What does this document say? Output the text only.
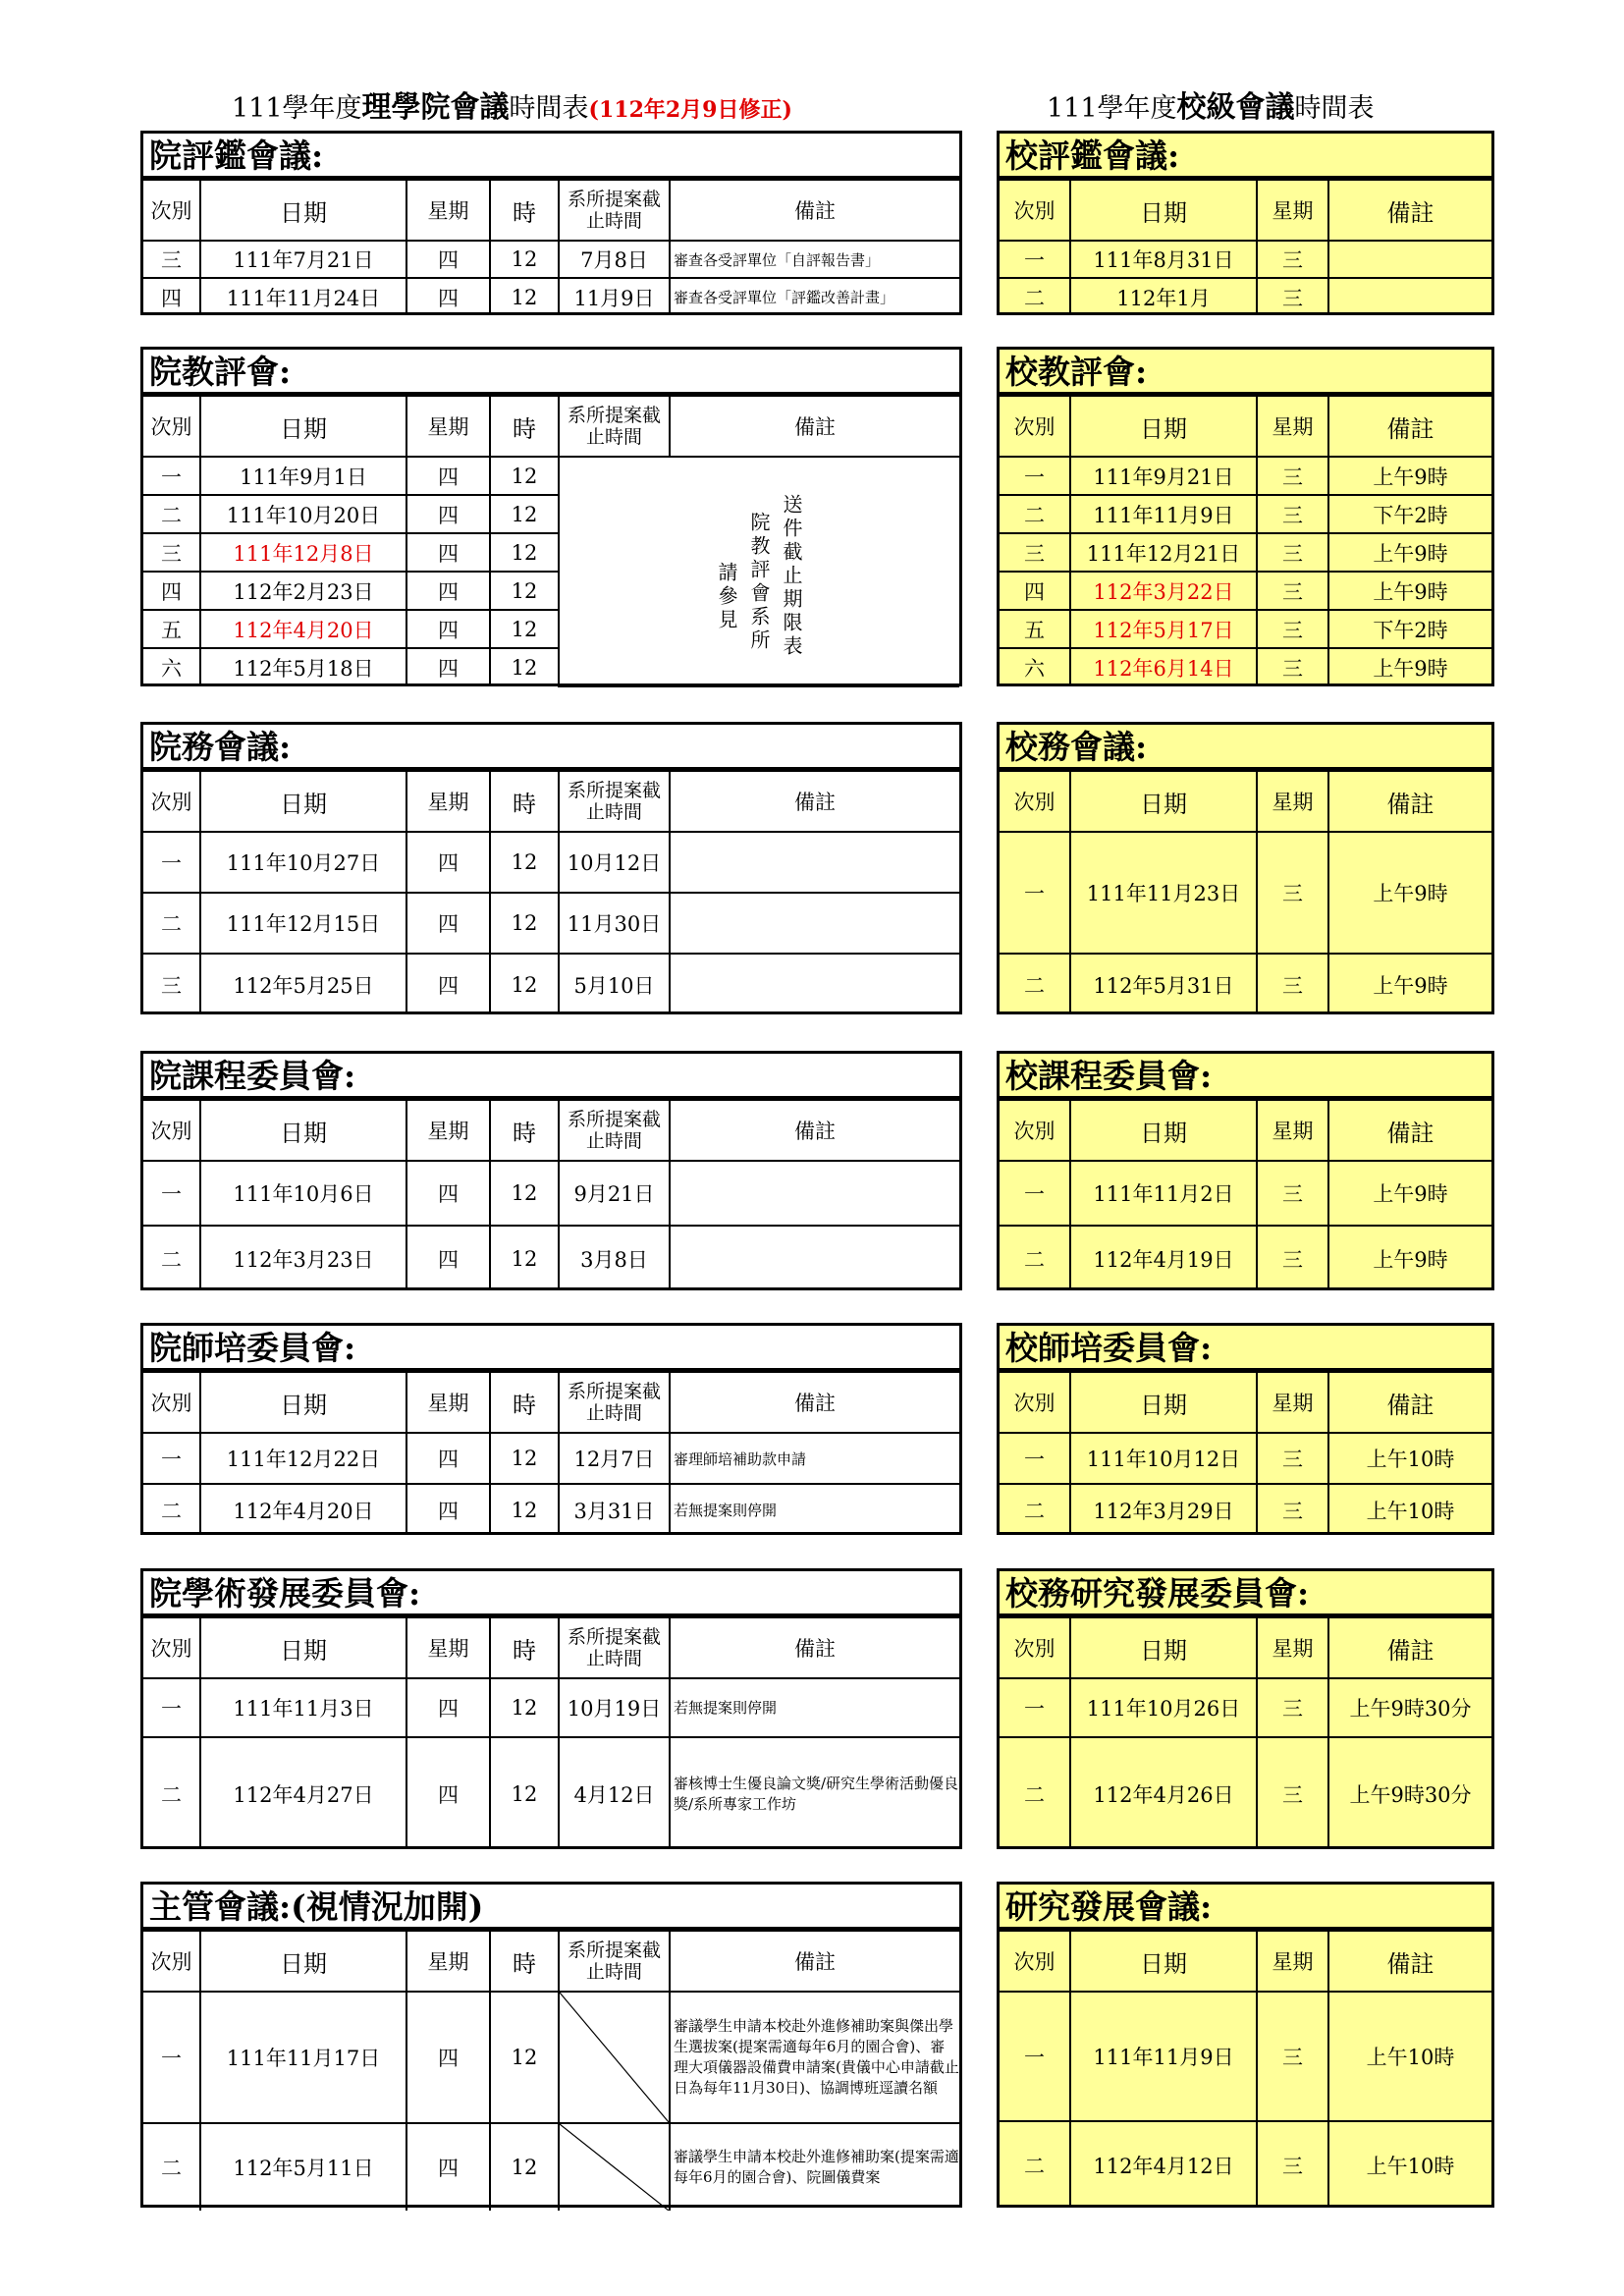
111學年度理學院會議時間表(112年2月9日修正)	111學年度校級會議時間表
院評鑑會議:
次別	日期	星期	時	系所提案截止時間	備註
三	111年7月21日	四	12	7月8日	審查各受評單位「自評報告書」
四	111年11月24日	四	12	11月9日	審查各受評單位「評鑑改善計畫」
校評鑑會議:
次別	日期	星期	備註
一	111年8月31日	三	
二	112年1月	三	
院教評會:
次別	日期	星期	時	系所提案截止時間	備註
一	111年9月1日	四	12	請參見 院教評會系所 送件截止期限表	

二	111年10月20日	四	12		
三	111年12月8日	四	12		
四	112年2月23日	四	12		
五	112年4月20日	四	12		
六	112年5月18日	四	12		
校教評會:
次別	日期	星期	備註
一	111年9月21日	三	上午9時
二	111年11月9日	三	下午2時
三	111年12月21日	三	上午9時
四	112年3月22日	三	上午9時
五	112年5月17日	三	下午2時
六	112年6月14日	三	上午9時
院務會議:
次別	日期	星期	時	系所提案截止時間	備註
一	111年10月27日	四	12	10月12日	
二	111年12月15日	四	12	11月30日	
三	112年5月25日	四	12	5月10日	
校務會議:
次別	日期	星期	備註
一	111年11月23日	三	上午9時
二	112年5月31日	三	上午9時
院課程委員會:
次別	日期	星期	時	系所提案截止時間	備註
一	111年10月6日	四	12	9月21日	
二	112年3月23日	四	12	3月8日	
校課程委員會:
次別	日期	星期	備註
一	111年11月2日	三	上午9時
二	112年4月19日	三	上午9時
院師培委員會:
次別	日期	星期	時	系所提案截止時間	備註
一	111年12月22日	四	12	12月7日	審理師培補助款申請
二	112年4月20日	四	12	3月31日	若無提案則停開
校師培委員會:
次別	日期	星期	備註
一	111年10月12日	三	上午10時
二	112年3月29日	三	上午10時
院學術發展委員會:
次別	日期	星期	時	系所提案截止時間	備註
一	111年11月3日	四	12	10月19日	若無提案則停開
二	112年4月27日	四	12	4月12日	審核博士生優良論文獎/研究生學術活動優良獎/系所專家工作坊
校務研究發展委員會:
次別	日期	星期	備註
一	111年10月26日	三	上午9時30分
二	112年4月26日	三	上午9時30分
主管會議:(視情況加開)
次別	日期	星期	時	系所提案截止時間	備註
一	111年11月17日	四	12		審議學生申請本校赴外進修補助案與傑出學生選拔案(提案需適每年6月的園合會)、審理大項儀器設備費申請案(貴儀中心申請截止日為每年11月30日)、協調博班逕讀名額
二	112年5月11日	四	12		審議學生申請本校赴外進修補助案(提案需適每年6月的園合會)、院圖儀費案
研究發展會議:
次別	日期	星期	備註
一	111年11月9日	三	上午10時
二	112年4月12日	三	上午10時
